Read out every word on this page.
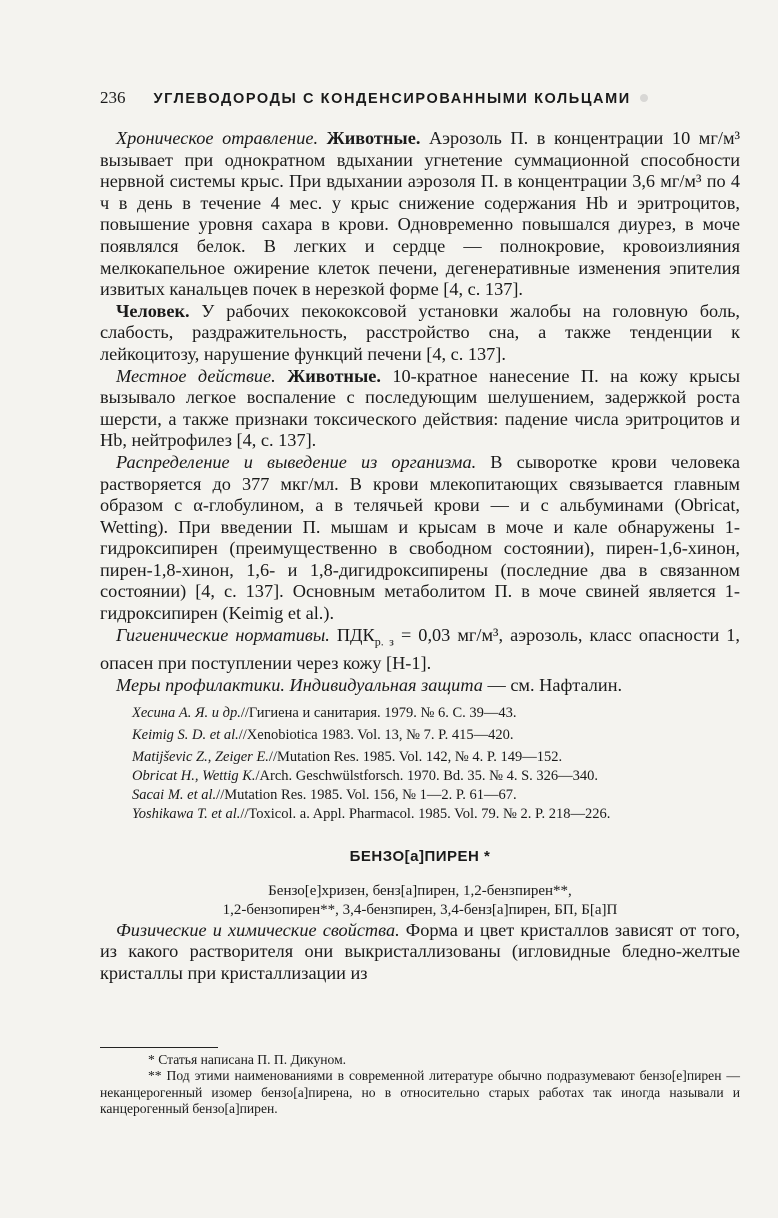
236 УГЛЕВОДОРОДЫ С КОНДЕНСИРОВАННЫМИ КОЛЬЦАМИ

Хроническое отравление. Животные. Аэрозоль П. в концентрации 10 мг/м³ вызывает при однократном вдыхании угнетение суммационной способности нервной системы крыс. При вдыхании аэрозоля П. в концентрации 3,6 мг/м³ по 4 ч в день в течение 4 мес. у крыс снижение содержания Hb и эритроцитов, повышение уровня сахара в крови. Одновременно повышался диурез, в моче появлялся белок. В легких и сердце — полнокровие, кровоизлияния мелкокапельное ожирение клеток печени, дегенеративные изменения эпителия извитых канальцев почек в нерезкой форме [4, с. 137].

Человек. У рабочих пекококсовой установки жалобы на головную боль, слабость, раздражительность, расстройство сна, а также тенденции к лейкоцитозу, нарушение функций печени [4, с. 137].

Местное действие. Животные. 10-кратное нанесение П. на кожу крысы вызывало легкое воспаление с последующим шелушением, задержкой роста шерсти, а также признаки токсического действия: падение числа эритроцитов и Hb, нейтрофилез [4, с. 137].

Распределение и выведение из организма. В сыворотке крови человека растворяется до 377 мкг/мл. В крови млекопитающих связывается главным образом с α-глобулином, а в телячьей крови — и с альбуминами (Obricat, Wetting). При введении П. мышам и крысам в моче и кале обнаружены 1-гидроксипирен (преимущественно в свободном состоянии), пирен-1,6-хинон, пирен-1,8-хинон, 1,6- и 1,8-дигидроксипирены (последние два в связанном состоянии) [4, с. 137]. Основным метаболитом П. в моче свиней является 1-гидроксипирен (Keimig et al.).

Гигиенические нормативы. $ПДК_{р. з} = 0,03$ мг/м³, аэрозоль, класс опасности 1, опасен при поступлении через кожу [Н-1].

Меры профилактики. Индивидуальная защита — см. Нафталин.

Хесина А. Я. и др.//Гигиена и санитария. 1979. № 6. С. 39—43.

Keimig S. D. et al.//Xenobiotica 1983. Vol. 13, № 7. P. 415—420.

Matijševic Z., Zeiger E.//Mutation Res. 1985. Vol. 142, № 4. P. 149—152.

Obricat H., Wettig K./Arch. Geschwülstforsch. 1970. Bd. 35. № 4. S. 326—340.

Sacai M. et al.//Mutation Res. 1985. Vol. 156, № 1—2. P. 61—67.

Yoshikawa T. et al.//Toxicol. a. Appl. Pharmacol. 1985. Vol. 79. № 2. P. 218—226.

БЕНЗО[а]ПИРЕН *
Бензо[е]хризен, бенз[а]пирен, 1,2-бензпирен**,
1,2-бензопирен**, 3,4-бензпирен, 3,4-бенз[а]пирен, БП, Б[а]П

Физические и химические свойства. Форма и цвет кристаллов зависят от того, из какого растворителя они выкристаллизованы (игловидные бледно-желтые кристаллы при кристаллизации из

* Статья написана П. П. Дикуном.

** Под этими наименованиями в современной литературе обычно подразумевают бензо[е]пирен — неканцерогенный изомер бензо[а]пирена, но в относительно старых работах так иногда называли и канцерогенный бензо[а]пирен.
